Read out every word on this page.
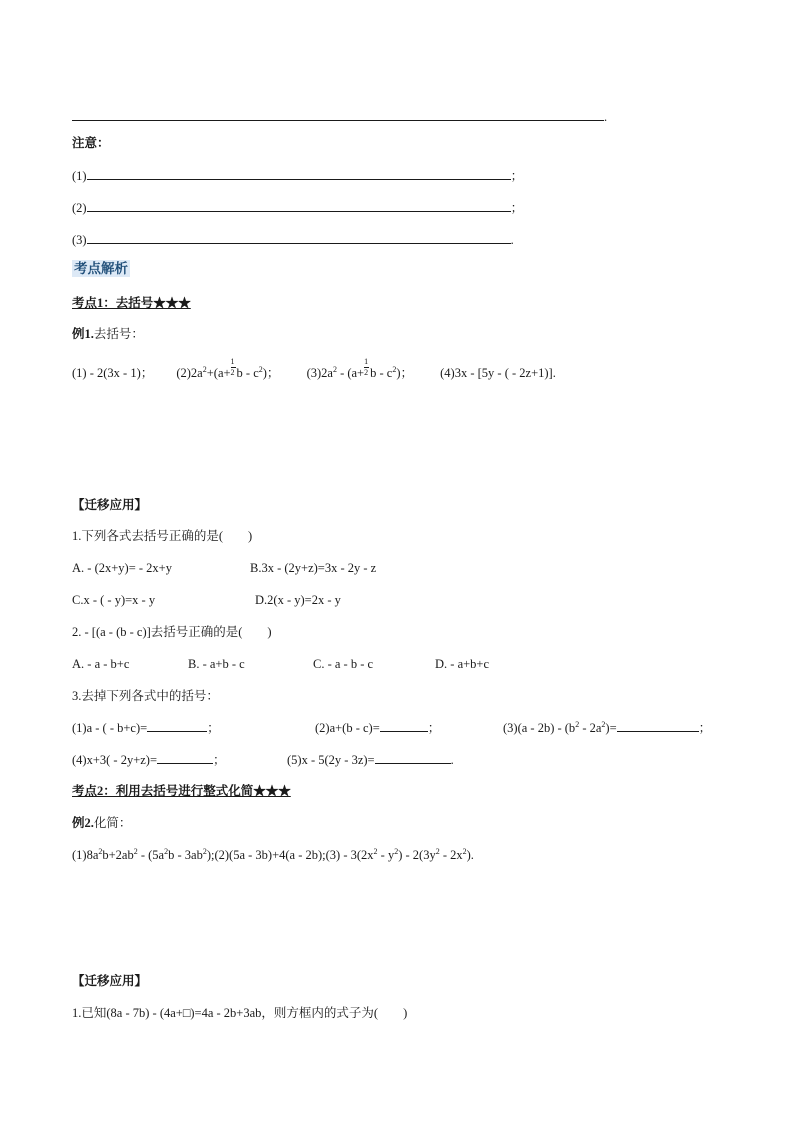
.
注意：
(1)	；
(2)	；
(3)	.
考点解析
考点1：去括号★★★
例1.去括号：
(1) - 2(3x - 1)； $(2)2a^2+(a+ \frac{1}{2}$ b - $c^2$)； $(3)2a^2 - (a+ \frac{1}{2}$ b - $c^2$)； (4)3x - [5y - ( - 2z+1)].
【迁移应用】
1.下列各式去括号正确的是(　　)
A. - (2x+y)= - 2x+y	B.3x - (2y+z)=3x - 2y - z
C.x - ( - y)=x - y	D.2(x - y)=2x - y
2. - [(a - (b - c)]去括号正确的是(　　)
A. - a - b+c	B. - a+b - c	C. - a - b - c	D. - a+b+c
3.去掉下列各式中的括号：
(1)a - ( - b+c)=	；	(2)a+(b - c)=	；	$(3)(a - 2b) - (b^2 - 2a^2)=$	；
(4)x+3( - 2y+z)=	；	(5)x - 5(2y - 3z)=	.
考点2：利用去括号进行整式化简★★★
例2.化简：
$(1)8a^2b+2ab^2 - (5a^2b$ - $3ab^2);(2)(5a - 3b)+4(a$ - 2b);(3) - $3(2x^2 - y^2) - 2(3y^2 - 2x^2)$.
【迁移应用】
1.已知(8a - 7b) - (4a+□)=4a - 2b+3ab，则方框内的式子为(　　)
